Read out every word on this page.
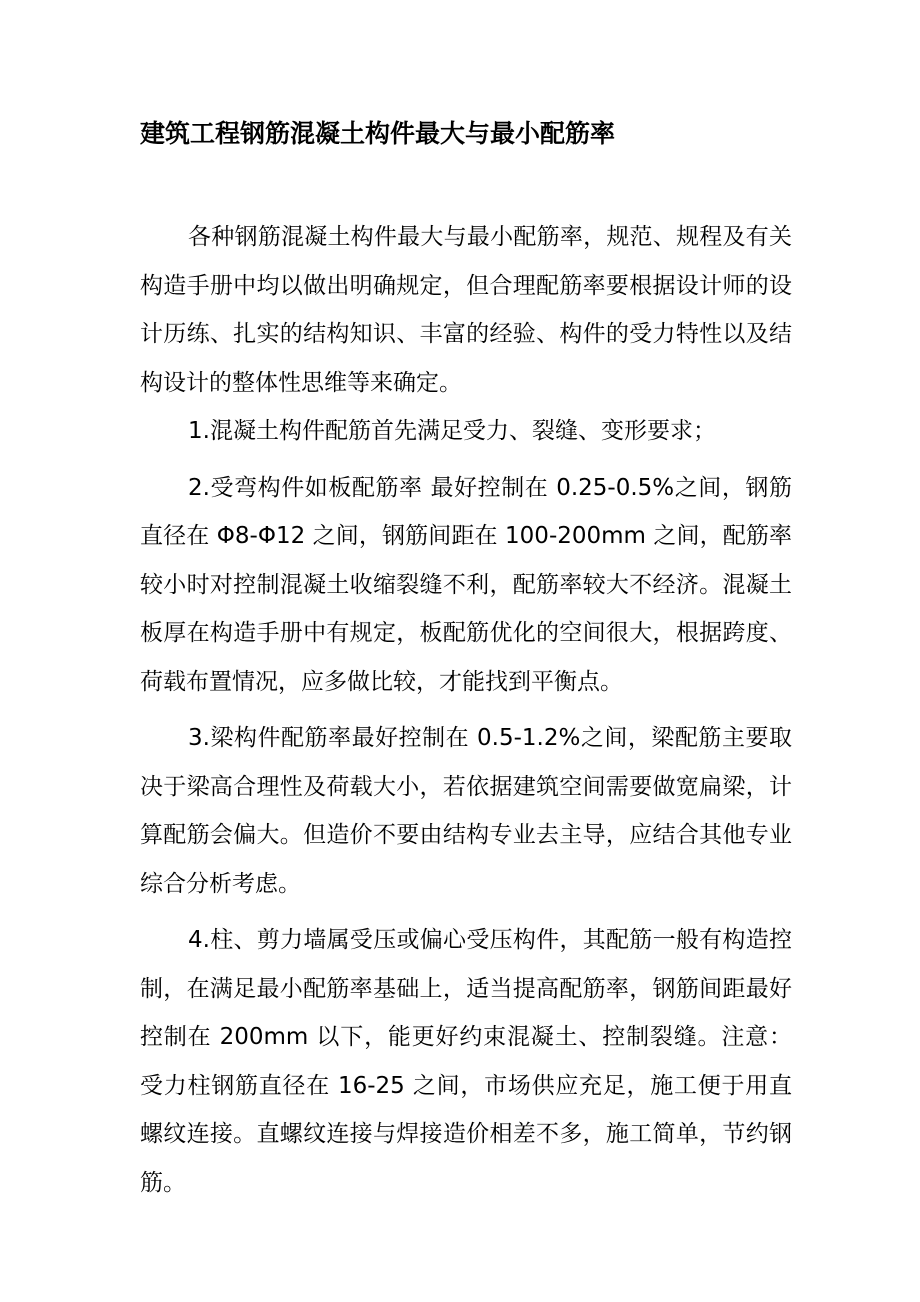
建筑工程钢筋混凝土构件最大与最小配筋率

各种钢筋混凝土构件最大与最小配筋率，规范、规程及有关构造手册中均以做出明确规定，但合理配筋率要根据设计师的设计历练、扎实的结构知识、丰富的经验、构件的受力特性以及结构设计的整体性思维等来确定。

1.混凝土构件配筋首先满足受力、裂缝、变形要求；

2.受弯构件如板配筋率 最好控制在 0.25-0.5%之间，钢筋直径在 Φ8-Φ12 之间，钢筋间距在 100-200mm 之间，配筋率较小时对控制混凝土收缩裂缝不利，配筋率较大不经济。混凝土板厚在构造手册中有规定，板配筋优化的空间很大，根据跨度、荷载布置情况，应多做比较，才能找到平衡点。

3.梁构件配筋率最好控制在 0.5-1.2%之间，梁配筋主要取决于梁高合理性及荷载大小，若依据建筑空间需要做宽扁梁，计算配筋会偏大。但造价不要由结构专业去主导，应结合其他专业综合分析考虑。

4.柱、剪力墙属受压或偏心受压构件，其配筋一般有构造控制，在满足最小配筋率基础上，适当提高配筋率，钢筋间距最好控制在 200mm 以下，能更好约束混凝土、控制裂缝。注意：受力柱钢筋直径在 16-25 之间，市场供应充足，施工便于用直螺纹连接。直螺纹连接与焊接造价相差不多，施工简单，节约钢筋。
